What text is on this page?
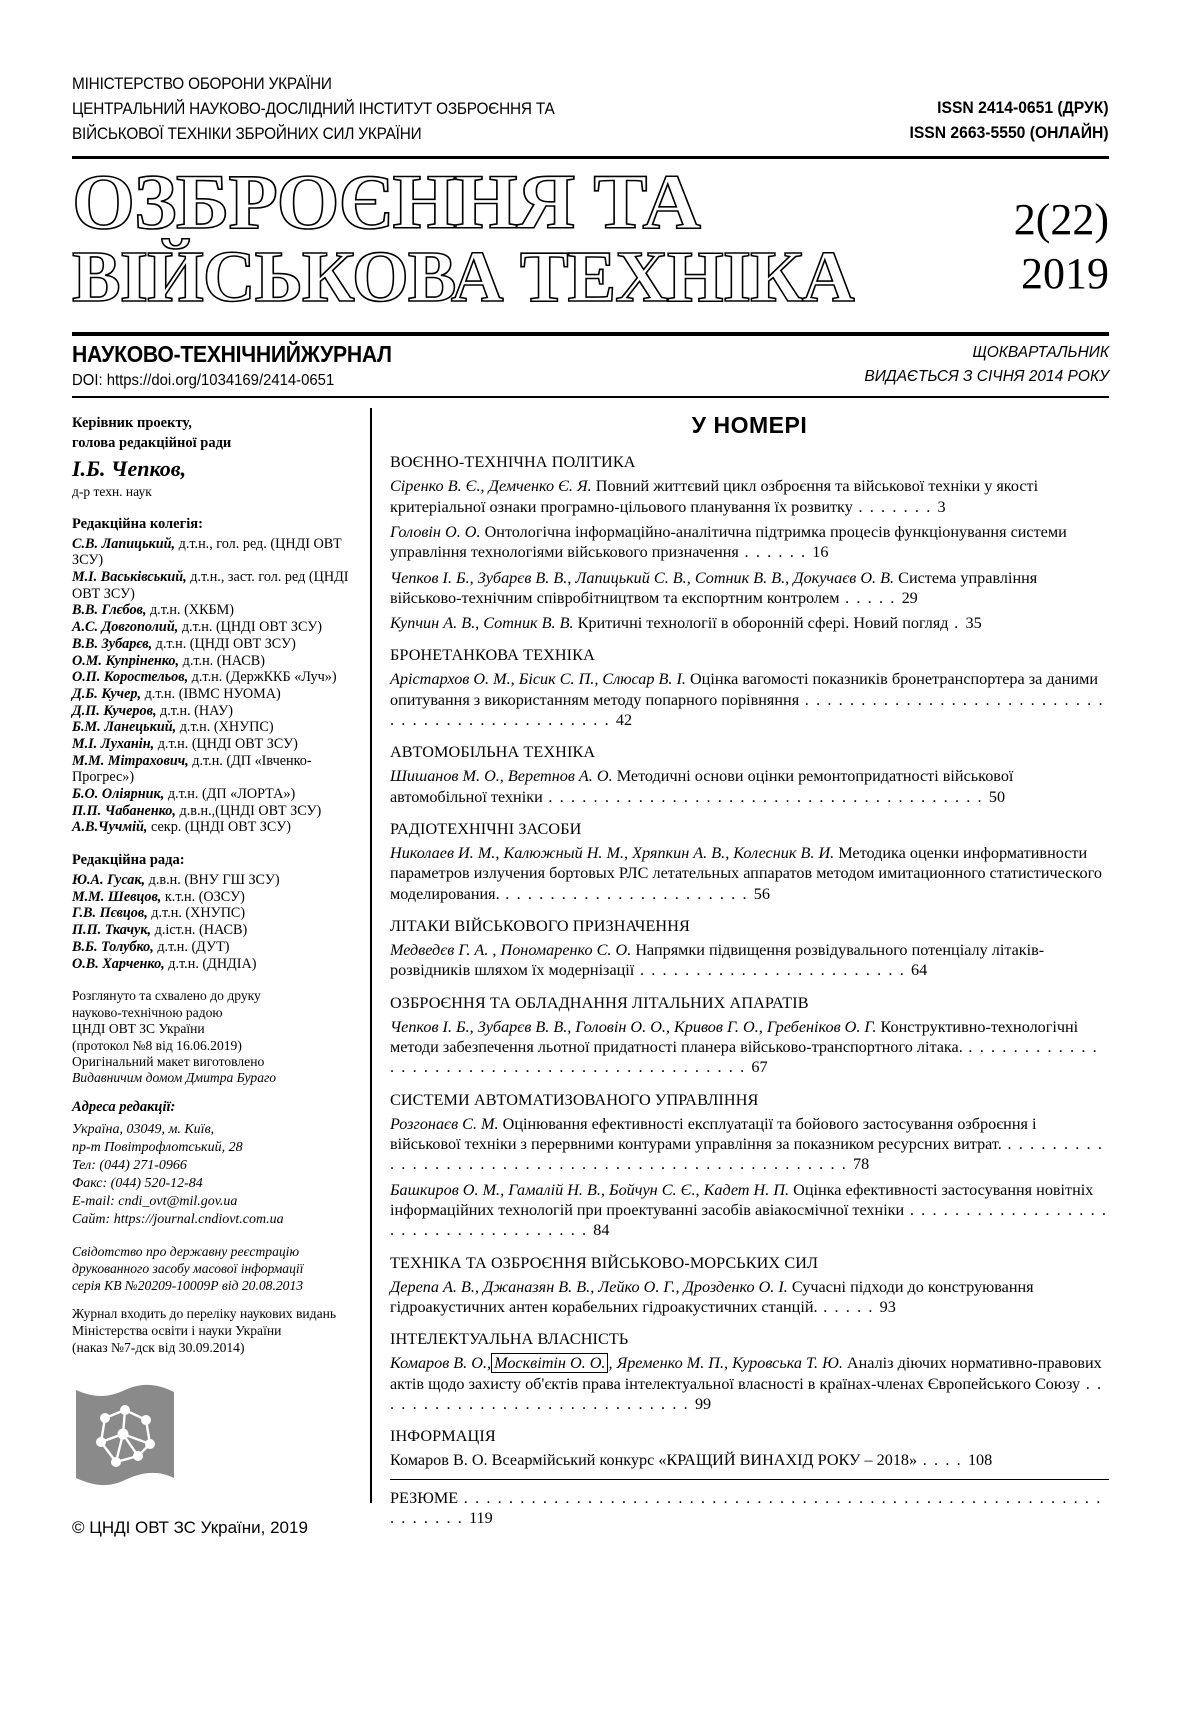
МІНІСТЕРСТВО ОБОРОНИ УКРАЇНИ
ЦЕНТРАЛЬНИЙ НАУКОВО-ДОСЛІДНИЙ ІНСТИТУТ ОЗБРОЄННЯ ТА
ВІЙСЬКОВОЇ ТЕХНІКИ ЗБРОЙНИХ СИЛ УКРАЇНИ
ISSN 2414-0651 (ДРУК)
ISSN 2663-5550 (ОНЛАЙН)
ОЗБРОЄННЯ ТА
ВІЙСЬКОВА ТЕХНІКА
2(22)
2019
НАУКОВО-ТЕХНІЧНИЙЖУРНАЛ
DOI: https://doi.org/1034169/2414-0651
ЩОКВАРТАЛЬНИК
ВИДАЄТЬСЯ З СІЧНЯ 2014 РОКУ
Керівник проекту,
голова редакційної ради
І.Б. Чепков,
д-р техн. наук
Редакційна колегія:
С.В. Лапицький, д.т.н., гол. ред. (ЦНДІ ОВТ ЗСУ)
М.І. Васьківський, д.т.н., заст. гол. ред (ЦНДІ ОВТ ЗСУ)
В.В. Глєбов, д.т.н. (ХКБМ)
А.С. Довгополий, д.т.н. (ЦНДІ ОВТ ЗСУ)
В.В. Зубарєв, д.т.н. (ЦНДІ ОВТ ЗСУ)
О.М. Купріненко, д.т.н. (НАСВ)
О.П. Коростельов, д.т.н. (ДержККБ «Луч»)
Д.Б. Кучер, д.т.н. (ІВМС НУОМА)
Д.П. Кучеров, д.т.н. (НАУ)
Б.М. Ланецький, д.т.н. (ХНУПС)
М.І. Луханін, д.т.н. (ЦНДІ ОВТ ЗСУ)
М.М. Мітрахович, д.т.н. (ДП «Івченко-Прогрес»)
Б.О. Оліярник, д.т.н. (ДП «ЛОРТА»)
П.П. Чабаненко, д.в.н.,(ЦНДІ ОВТ ЗСУ)
А.В.Чучмій, секр. (ЦНДІ ОВТ ЗСУ)
Редакційна рада:
Ю.А. Гусак, д.в.н. (ВНУ ГШ ЗСУ)
М.М. Шевцов, к.т.н. (ОЗСУ)
Г.В. Пєвцов, д.т.н. (ХНУПС)
П.П. Ткачук, д.іст.н. (НАСВ)
В.Б. Толубко, д.т.н. (ДУТ)
О.В. Харченко, д.т.н. (ДНДІА)
Розглянуто та схвалено до друку
науково-технічною радою
ЦНДІ ОВТ ЗС України
(протокол №8 від 16.06.2019)
Оригінальний макет виготовлено
Видавничим домом Дмитра Бураго
Адреса редакції:
Україна, 03049, м. Київ,
пр-т Повітрофлотський, 28
Тел: (044) 271-0966
Факс: (044) 520-12-84
E-mail: cndi_ovt@mil.gov.ua
Сайт: https://journal.cndiovt.com.ua
Свідотство про державну реєстрацію
друкованного засобу масової інформації
серія КВ №20209-10009Р від 20.08.2013
Журнал входить до переліку наукових видань
Міністерства освіти і науки України
(наказ №7-дск від 30.09.2014)
© ЦНДІ ОВТ ЗС України, 2019
У НОМЕРІ
ВОЄННО-ТЕХНІЧНА ПОЛІТИКА
Сіренко В. Є., Демченко Є. Я. Повний життєвий цикл озброєння та військової техніки у якості критеріальної ознаки програмно-цільового планування їх розвитку . . . . . . . 3
Головін О. О. Онтологічна інформаційно-аналітична підтримка процесів функціонування системи управління технологіями військового призначення . . . . . . 16
Чепков І. Б., Зубарєв В. В., Лапицький С. В., Сотник В. В., Докучаєв О. В. Система управління військово-технічним співробітництвом та експортним контролем . . . . . 29
Купчин А. В., Сотник В. В. Критичні технології в оборонній сфері. Новий погляд . 35
БРОНЕТАНКОВА ТЕХНІКА
Арістархов О. М., Бісик С. П., Слюсар В. І. Оцінка вагомості показників бронетранспортера за даними опитування з використанням методу попарного порівняння . . . . . . . . . . . . . . . . . . . . . . . . . . . . . . . . . . . . . . . . . . . . . . . 42
АВТОМОБІЛЬНА ТЕХНІКА
Шишанов М. О., Веретнов А. О. Методичні основи оцінки ремонтопридатності військової автомобільної техніки . . . . . . . . . . . . . . . . . . . . . . . . . . . . . . . . . . . . . . . 50
РАДІОТЕХНІЧНІ ЗАСОБИ
Николаев И. М., Калюжный Н. М., Хряпкин А. В., Колесник В. И. Методика оценки информативности параметров излучения бортовых РЛС летательных аппаратов методом имитационного статистического моделирования. . . . . . . . . . . . . . . . . . . . . . . 56
ЛІТАКИ ВІЙСЬКОВОГО ПРИЗНАЧЕННЯ
Медведєв Г. А. , Пономаренко С. О. Напрямки підвищення розвідувального потенціалу літаків-розвідників шляхом їх модернізації . . . . . . . . . . . . . . . . . . . . . . . . 64
ОЗБРОЄННЯ ТА ОБЛАДНАННЯ ЛІТАЛЬНИХ АПАРАТІВ
Чепков І. Б., Зубарєв В. В., Головін О. О., Кривов Г. О., Гребеніков О. Г. Конструктивно-технологічні методи забезпечення льотної придатності планера військово-транспортного літака. . . . . . . . . . . . . . . . . . . . . . . . . . . . . . . . . . . . . . . . . . . . . 67
СИСТЕМИ АВТОМАТИЗОВАНОГО УПРАВЛІННЯ
Розгонаєв С. М. Оцінювання ефективності експлуатації та бойового застосування озброєння і військової техніки з перервними контурами управління за показником ресурсних витрат. . . . . . . . . . . . . . . . . . . . . . . . . . . . . . . . . . . . . . . . . . . . . . . . . . . 78
Башкиров О. М., Гамалій Н. В., Бойчун С. Є., Кадет Н. П. Оцінка ефективності застосування новітніх інформаційних технологій при проектуванні засобів авіакосмічної техніки . . . . . . . . . . . . . . . . . . . . . . . . . . . . . . . . . . . . 84
ТЕХНІКА ТА ОЗБРОЄННЯ ВІЙСЬКОВО-МОРСЬКИХ СИЛ
Дерепа А. В., Джаназян В. В., Лейко О. Г., Дрозденко О. І. Сучасні підходи до конструювання гідроакустичних антен корабельних гідроакустичних станцій. . . . . . 93
ІНТЕЛЕКТУАЛЬНА ВЛАСНІСТЬ
Комаров В. О., Москвітін О. О. , Яременко М. П., Куровська Т. Ю. Аналіз діючих нормативно-правових актів щодо захисту об'єктів права інтелектуальної власності в країнах-членах Європейського Союзу . . . . . . . . . . . . . . . . . . . . . . . . . . . . . 99
ІНФОРМАЦІЯ
Комаров В. О. Всеармійський конкурс «КРАЩИЙ ВИНАХІД РОКУ – 2018» . . . . 108
РЕЗЮМЕ . . . . . . . . . . . . . . . . . . . . . . . . . . . . . . . . . . . . . . . . . . . . . . . . . . . . . . . . . . . . . . . . 119
